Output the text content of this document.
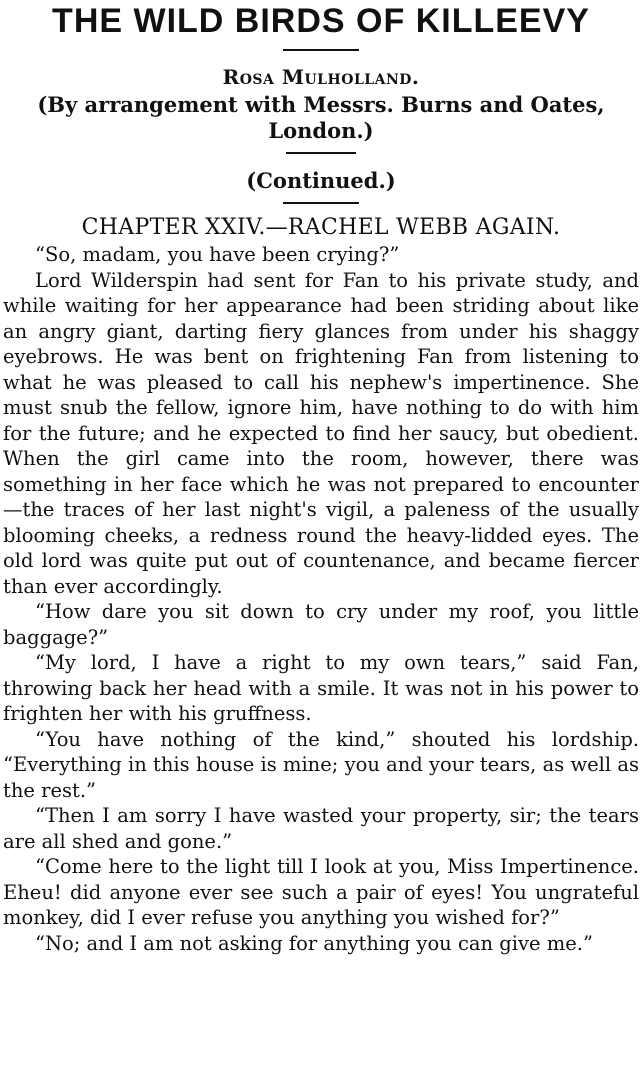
THE WILD BIRDS OF KILLEEVY
Rosa Mulholland.
(By arrangement with Messrs. Burns and Oates, London.)
(Continued.)
CHAPTER XXIV.—RACHEL WEBB AGAIN.

“So, madam, you have been crying?”

Lord Wilderspin had sent for Fan to his private study, and while waiting for her appearance had been striding about like an angry giant, darting fiery glances from under his shaggy eyebrows. He was bent on frightening Fan from listening to what he was pleased to call his nephew's impertinence. She must snub the fellow, ignore him, have nothing to do with him for the future; and he expected to find her saucy, but obedient. When the girl came into the room, however, there was something in her face which he was not prepared to encounter—the traces of her last night's vigil, a paleness of the usually blooming cheeks, a redness round the heavy-lidded eyes. The old lord was quite put out of countenance, and became fiercer than ever accordingly.

“How dare you sit down to cry under my roof, you little baggage?”

“My lord, I have a right to my own tears,” said Fan, throwing back her head with a smile. It was not in his power to frighten her with his gruffness.

“You have nothing of the kind,” shouted his lordship. “Everything in this house is mine; you and your tears, as well as the rest.”

“Then I am sorry I have wasted your property, sir; the tears are all shed and gone.”

“Come here to the light till I look at you, Miss Impertinence. Eheu! did anyone ever see such a pair of eyes! You ungrateful monkey, did I ever refuse you anything you wished for?”

“No; and I am not asking for anything you can give me.”
